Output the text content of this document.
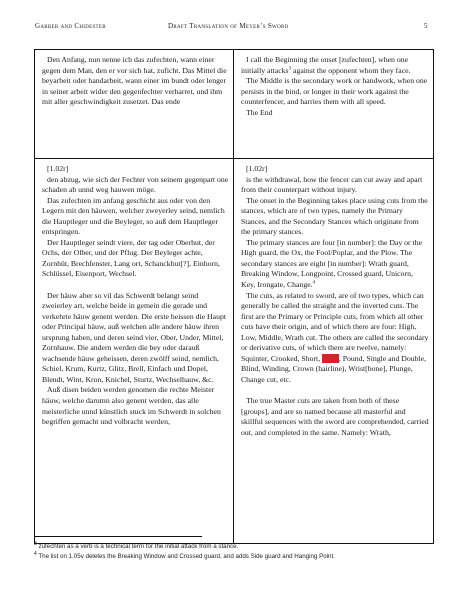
Garber and Chidester	Draft Translation of Meyer’s Sword	5

Den Anfang, nun nenne ich das zufechten, wann einer gegen dem Man, den er vor sich hat, zuficht. Das Mittel die beyarbeit oder handarbeit, wann einer im bundt oder lenger in seiner arbeit wider den gegenfechter verharret, und ihm mit aller geschwindigkeit zusetzet. Das ende

I call the Beginning the onset [zufechten], when one initially attacks$^3$ against the opponent whom they face.

The Middle is the secondary work or handwork, when one persists in the bind, or longer in their work against the counterfencer, and harries them with all speed.

The End

[1.02r]

den abzug, wie sich der Fechter von seinem gegenpart one schaden ab unnd weg hauwen möge.

Das zufechten im anfang geschicht aus oder von den Legern mit den häuwen, welcher zweyerley seind, nemlich die Hauptleger und die Beyleger, so auß dem Hauptleger entspringen.

Der Hauptleger seindt viere, der tag oder Oberhut, der Ochs, der Olber, und der Pflug. Der Beyleger achte, Zornhüt, Brechfenster, Lang ort, Schanckhut[?], Einhorn, Schlüssel, Eisenport, Wechsel.

Der häuw aber so vil das Schwerdt belangt seind zweierley art, welche beide in gemein die gerade und verkehrte häuw genent werden. Die erste heissen die Haupt oder Principal häuw, auß welchen alle andere häuw ihren ursprung haben, und deren seind vier, Ober, Under, Mittel, Zornhauw. Die andern werden die bey oder darauß wachsende häuw geheissen, deren zwölff seind, nemlich, Schiel, Krum, Kurtz, Glitz, Brell, Einfach und Dopel, Blendt, Wint, Kron, Knichel, Sturtz, Wechselhauw, &c.

Auß disen beiden werden genomen die rechte Meister häuw, welche darumn also genent werden, das alle meisterliche unnd künstlich stuck im Schwerdt in solchen begriffen gemacht und volbracht werden,

[1.02r]

is the withdrawal, how the fencer can cut away and apart from their counterpart without injury.

The onset in the Beginning takes place using cuts from the stances, which are of two types, namely the Primary Stances, and the Secondary Stances which originate from the primary stances.

The primary stances are four [in number]: the Day or the High guard, the Ox, the Fool/Poplar, and the Plow. The secondary stances are eight [in number]: Wrath guard, Breaking Window, Longpoint, Crossed guard, Unicorn, Key, Irongate, Change.$^4$

The cuts, as related to sword, are of two types, which can generally be called the straight and the inverted cuts. The first are the Primary or Principle cuts, from which all other cuts have their origin, and of which there are four: High, Low, Middle, Wrath cut. The others are called the secondary or derivative cuts, of which there are twelve, namely: Squinter, Crooked, Short, Flash, Pound, Single and Double, Blind, Winding, Crown (hairline), Wrist[bone], Plunge, Change cut, etc.

The true Master cuts are taken from both of these [groups], and are so named because all masterful and skillful sequences with the sword are comprehended, carried out, and completed in the same. Namely: Wrath,

$^3$ zufechten as a verb is a technical term for the initial attack from a stance.

$^4$ The list on 1.05v deletes the Breaking Window and Crossed guard, and adds Side guard and Hanging Point.
